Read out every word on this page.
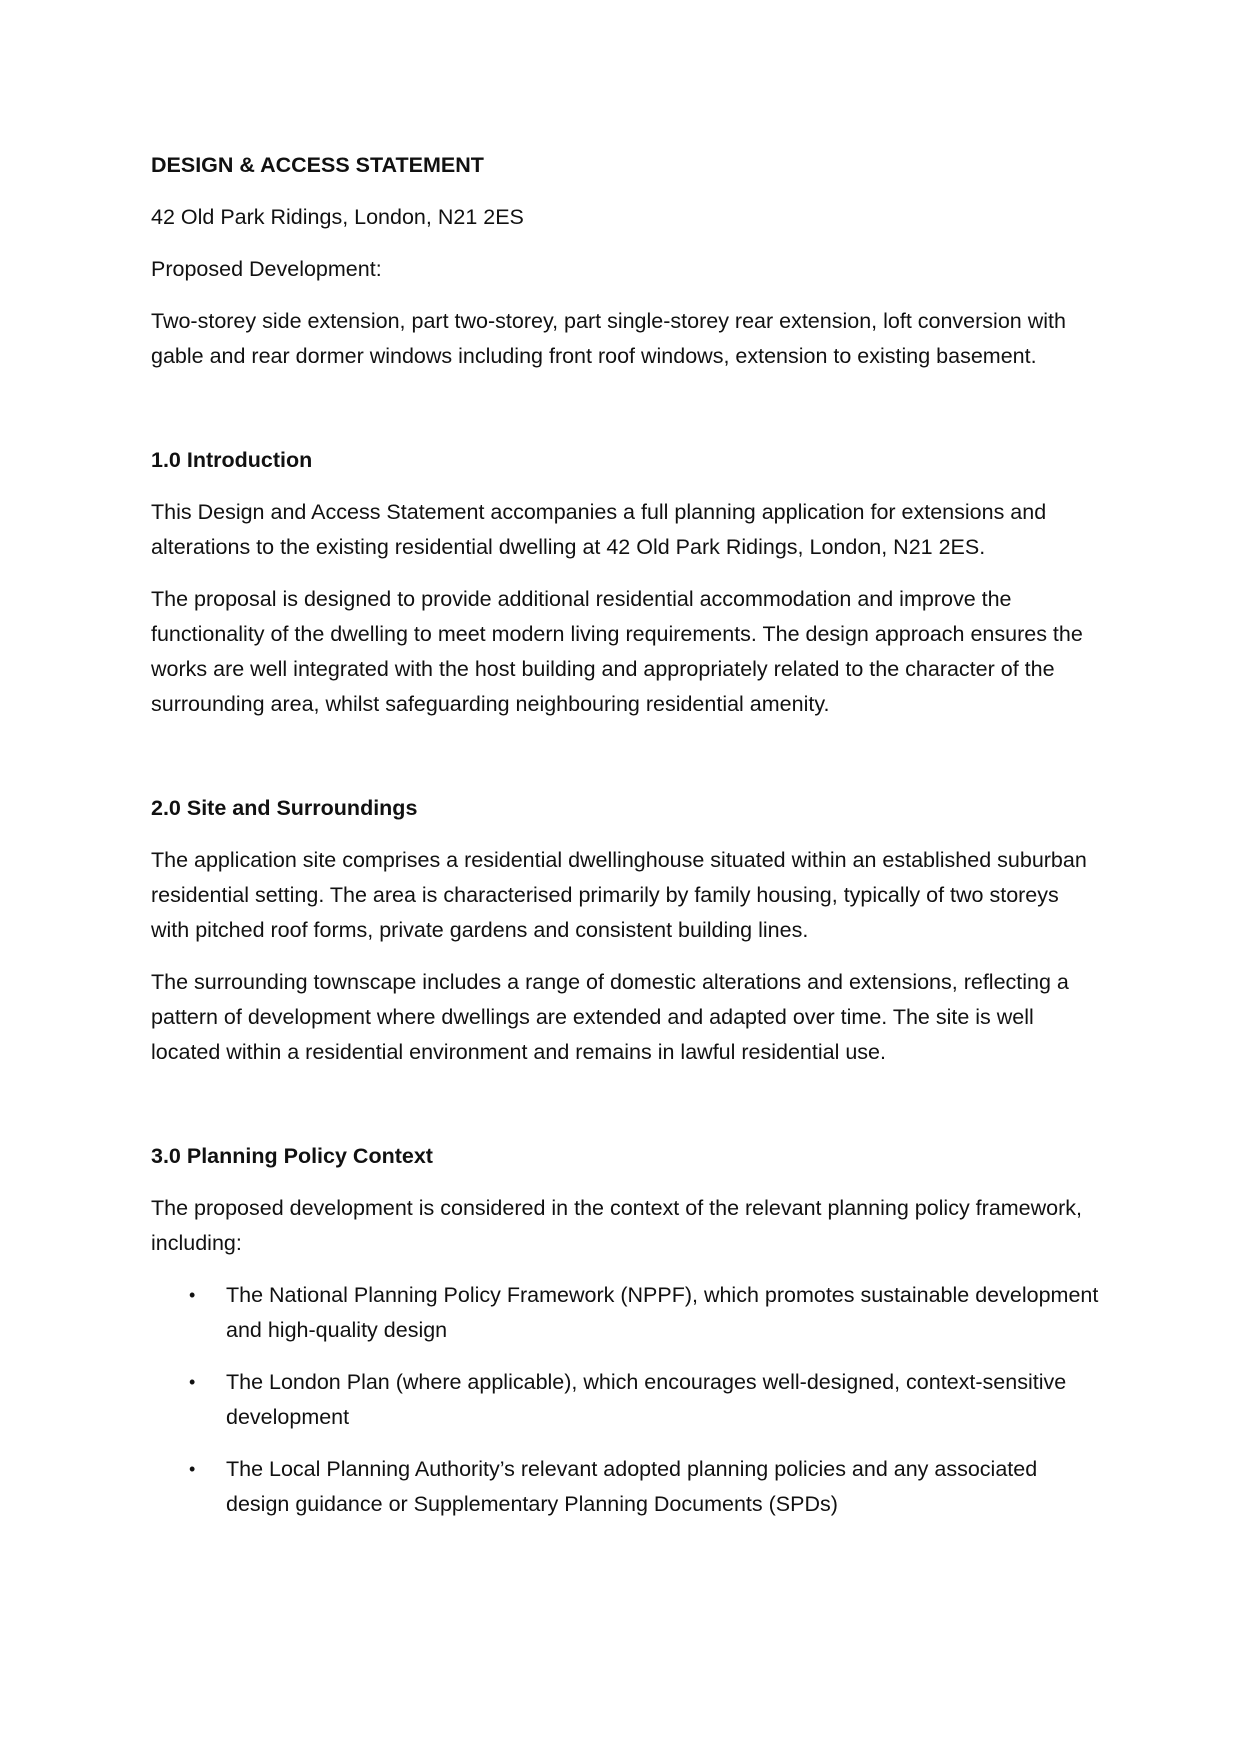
DESIGN & ACCESS STATEMENT

42 Old Park Ridings, London, N21 2ES

Proposed Development:

Two-storey side extension, part two-storey, part single-storey rear extension, loft conversion with gable and rear dormer windows including front roof windows, extension to existing basement.

1.0 Introduction

This Design and Access Statement accompanies a full planning application for extensions and alterations to the existing residential dwelling at 42 Old Park Ridings, London, N21 2ES.

The proposal is designed to provide additional residential accommodation and improve the functionality of the dwelling to meet modern living requirements. The design approach ensures the works are well integrated with the host building and appropriately related to the character of the surrounding area, whilst safeguarding neighbouring residential amenity.

2.0 Site and Surroundings

The application site comprises a residential dwellinghouse situated within an established suburban residential setting. The area is characterised primarily by family housing, typically of two storeys with pitched roof forms, private gardens and consistent building lines.

The surrounding townscape includes a range of domestic alterations and extensions, reflecting a pattern of development where dwellings are extended and adapted over time. The site is well located within a residential environment and remains in lawful residential use.

3.0 Planning Policy Context

The proposed development is considered in the context of the relevant planning policy framework, including:

• The National Planning Policy Framework (NPPF), which promotes sustainable development and high-quality design
• The London Plan (where applicable), which encourages well-designed, context-sensitive development
• The Local Planning Authority’s relevant adopted planning policies and any associated design guidance or Supplementary Planning Documents (SPDs)
